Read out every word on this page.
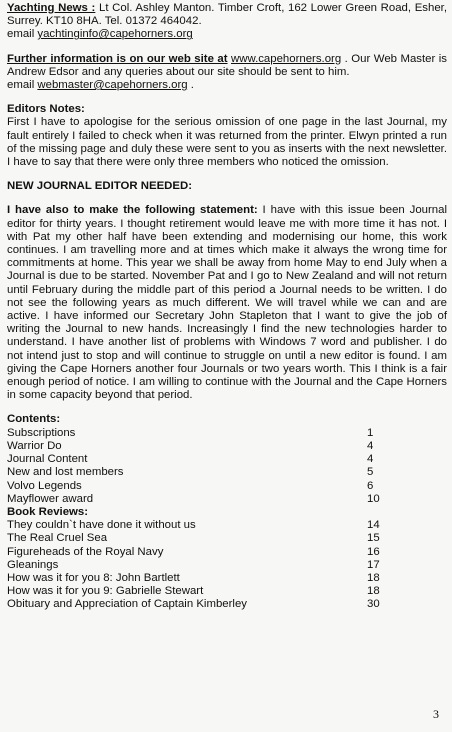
Yachting News : Lt Col. Ashley Manton. Timber Croft, 162 Lower Green Road, Esher, Surrey. KT10 8HA. Tel. 01372 464042.
email yachtinginfo@capehorners.org

Further information is on our web site at www.capehorners.org . Our Web Master is Andrew Edsor and any queries about our site should be sent to him.
email webmaster@capehorners.org .

Editors Notes:

First I have to apologise for the serious omission of one page in the last Journal, my fault entirely I failed to check when it was returned from the printer. Elwyn printed a run of the missing page and duly these were sent to you as inserts with the next newsletter. I have to say that there were only three members who noticed the omission.

NEW JOURNAL EDITOR NEEDED:

I have also to make the following statement: I have with this issue been Journal editor for thirty years. I thought retirement would leave me with more time it has not. I with Pat my other half have been extending and modernising our home, this work continues. I am travelling more and at times which make it always the wrong time for commitments at home. This year we shall be away from home May to end July when a Journal is due to be started. November Pat and I go to New Zealand and will not return until February during the middle part of this period a Journal needs to be written. I do not see the following years as much different. We will travel while we can and are active. I have informed our Secretary John Stapleton that I want to give the job of writing the Journal to new hands. Increasingly I find the new technologies harder to understand. I have another list of problems with Windows 7 word and publisher. I do not intend just to stop and will continue to struggle on until a new editor is found. I am giving the Cape Horners another four Journals or two years worth. This I think is a fair enough period of notice. I am willing to continue with the Journal and the Cape Horners in some capacity beyond that period.

Contents:

Subscriptions	1
Warrior Do	4
Journal Content	4
New and lost members	5
Volvo Legends	6
Mayflower award	10
Book Reviews:	
They couldn`t have done it without us	14
The Real Cruel Sea	15
Figureheads of the Royal Navy	16
Gleanings	17
How was it for you 8: John Bartlett	18
How was it for you 9: Gabrielle Stewart	18
Obituary and Appreciation of Captain Kimberley	30
3
